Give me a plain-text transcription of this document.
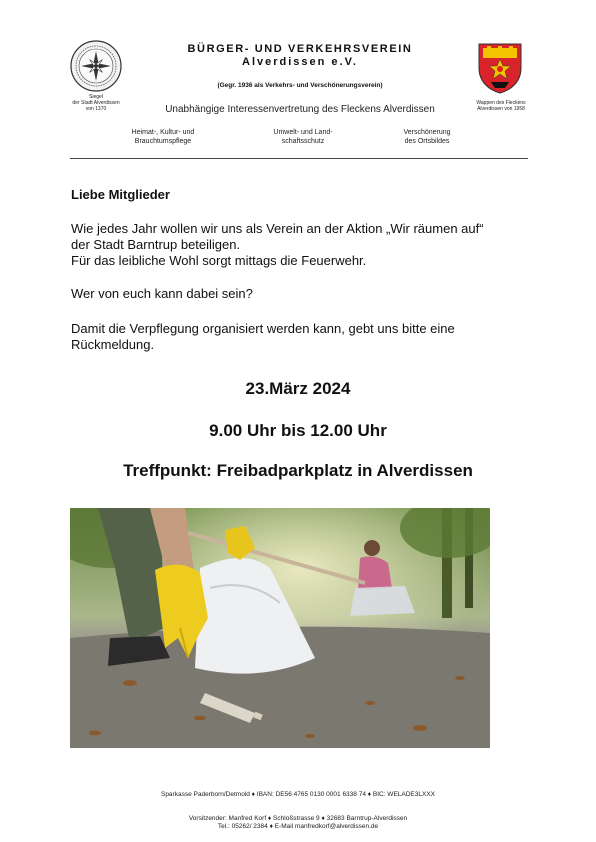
Siegel
der Stadt Alverdissen
von 1370
BÜRGER- UND VERKEHRSVEREIN
Alverdissen e.V.
(Gegr. 1936 als Verkehrs- und Verschönerungsverein)
Unabhängige Interessenvertretung des Fleckens Alverdissen
Wappen des Fleckens
Alverdissen von 1958
Heimat-, Kultur- und
Brauchtumspflege
Umwelt- und Land-
schaftsschutz
Verschönerung
des Ortsbildes
Liebe Mitglieder
Wie jedes Jahr wollen wir uns als Verein an der Aktion „Wir räumen auf“
der Stadt Barntrup beteiligen.
Für das leibliche Wohl sorgt mittags die Feuerwehr.
Wer von euch kann dabei sein?
Damit die Verpflegung organisiert werden kann, gebt uns bitte eine
Rückmeldung.
23.März 2024
9.00 Uhr bis 12.00 Uhr
Treffpunkt: Freibadparkplatz in Alverdissen
Sparkasse Paderborn/Detmold ♦ IBAN: DE56 4765 0130 0001 6338 74 ♦ BIC: WELADE3LXXX
Vorsitzender: Manfred Korf ♦ Schloßstrasse 9 ♦ 32683 Barntrup-Alverdissen
Tel.: 05262/ 2384 ♦ E-Mail manfredkorf@alverdissen.de
